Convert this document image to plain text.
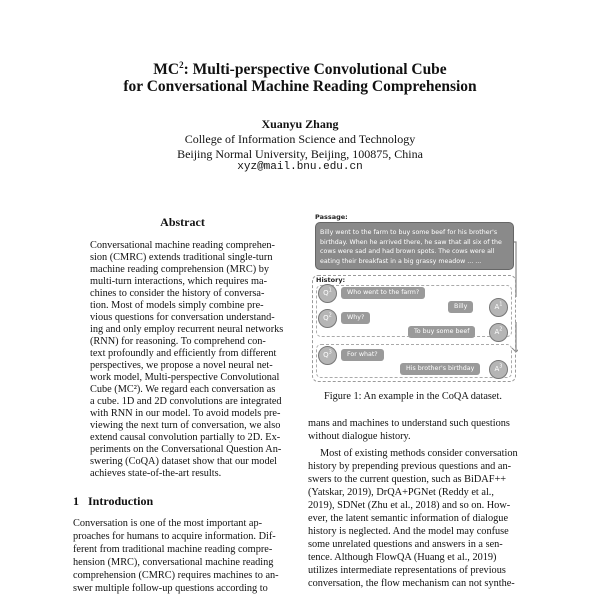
$MC^2$: Multi-perspective Convolutional Cube
for Conversational Machine Reading Comprehension
Xuanyu Zhang
College of Information Science and Technology
Beijing Normal University, Beijing, 100875, China
xyz@mail.bnu.edu.cn
Abstract
Conversational machine reading comprehen-
sion (CMRC) extends traditional single-turn
machine reading comprehension (MRC) by
multi-turn interactions, which requires ma-
chines to consider the history of conversa-
tion. Most of models simply combine pre-
vious questions for conversation understand-
ing and only employ recurrent neural networks
(RNN) for reasoning. To comprehend con-
text profoundly and efficiently from different
perspectives, we propose a novel neural net-
work model, Multi-perspective Convolutional
Cube (MC²). We regard each conversation as
a cube. 1D and 2D convolutions are integrated
with RNN in our model. To avoid models pre-
viewing the next turn of conversation, we also
extend causal convolution partially to 2D. Ex-
periments on the Conversational Question An-
swering (CoQA) dataset show that our model
achieves state-of-the-art results.
1 Introduction
Conversation is one of the most important ap-
proaches for humans to acquire information. Dif-
ferent from traditional machine reading compre-
hension (MRC), conversational machine reading
comprehension (CMRC) requires machines to an-
swer multiple follow-up questions according to
Passage:
Billy went to the farm to buy some beef for his brother's birthday. When he arrived there, he saw that all six of the cows were sad and had brown spots. The cows were all eating their breakfast in a big grassy meadow ... ...
History:
$Q^1$	Who went to the farm?
Billy	$A^1$
$Q^2$	Why?
To buy some beef	$A^2$
$Q^3$	For what?
His brother's birthday	$A^3$
Figure 1: An example in the CoQA dataset.
mans and machines to understand such questions
without dialogue history.
Most of existing methods consider conversation
history by prepending previous questions and an-
swers to the current question, such as BiDAF++
(Yatskar, 2019), DrQA+PGNet (Reddy et al.,
2019), SDNet (Zhu et al., 2018) and so on. How-
ever, the latent semantic information of dialogue
history is neglected. And the model may confuse
some unrelated questions and answers in a sen-
tence. Although FlowQA (Huang et al., 2019)
utilizes intermediate representations of previous
conversation, the flow mechanism can not synthe-
